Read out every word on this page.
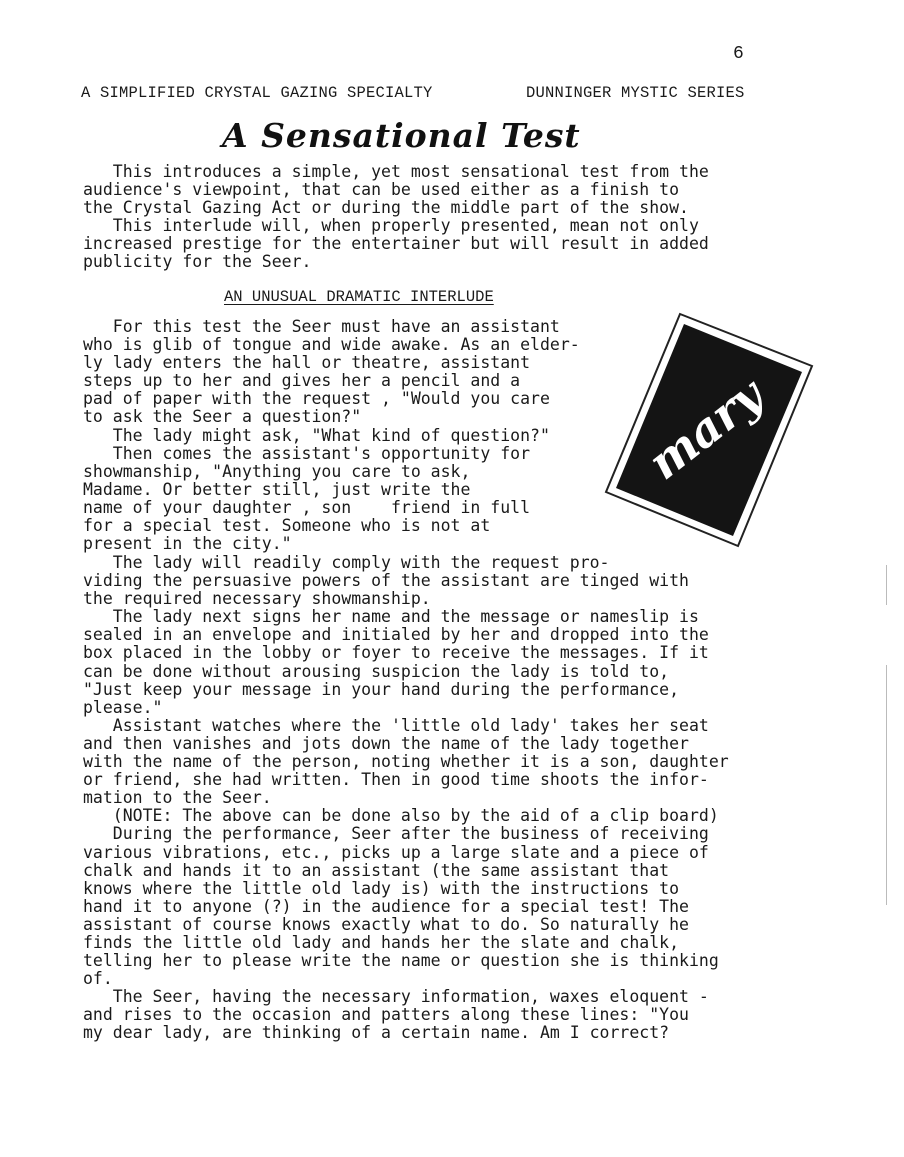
6
A SIMPLIFIED CRYSTAL GAZING SPECIALTY	DUNNINGER MYSTIC SERIES
A Sensational Test
This introduces a simple, yet most sensational test from the
audience's viewpoint, that can be used either as a finish to
the Crystal Gazing Act or during the middle part of the show.
This interlude will, when properly presented, mean not only
increased prestige for the entertainer but will result in added
publicity for the Seer.
AN UNUSUAL DRAMATIC INTERLUDE
For this test the Seer must have an assistant
who is glib of tongue and wide awake. As an elder-
ly lady enters the hall or theatre, assistant
steps up to her and gives her a pencil and a
pad of paper with the request , "Would you care
to ask the Seer a question?"
The lady might ask, "What kind of question?"
Then comes the assistant's opportunity for
showmanship, "Anything you care to ask,
Madame. Or better still, just write the
name of your daughter , son    friend in full
for a special test. Someone who is not at
present in the city."
mary
The lady will readily comply with the request pro-
viding the persuasive powers of the assistant are tinged with
the required necessary showmanship.
The lady next signs her name and the message or nameslip is
sealed in an envelope and initialed by her and dropped into the
box placed in the lobby or foyer to receive the messages. If it
can be done without arousing suspicion the lady is told to,
"Just keep your message in your hand during the performance,
please."
Assistant watches where the 'little old lady' takes her seat
and then vanishes and jots down the name of the lady together
with the name of the person, noting whether it is a son, daughter
or friend, she had written. Then in good time shoots the infor-
mation to the Seer.
(NOTE: The above can be done also by the aid of a clip board)
During the performance, Seer after the business of receiving
various vibrations, etc., picks up a large slate and a piece of
chalk and hands it to an assistant (the same assistant that
knows where the little old lady is) with the instructions to
hand it to anyone (?) in the audience for a special test! The
assistant of course knows exactly what to do. So naturally he
finds the little old lady and hands her the slate and chalk,
telling her to please write the name or question she is thinking
of.
The Seer, having the necessary information, waxes eloquent -
and rises to the occasion and patters along these lines: "You
my dear lady, are thinking of a certain name. Am I correct?
